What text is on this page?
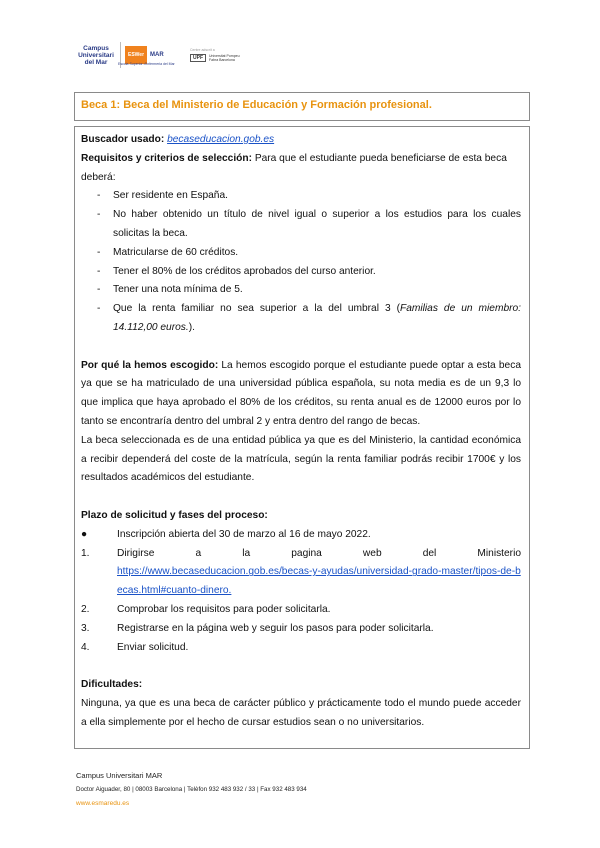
Campus Universitari del Mar
ESWer MAR
Escola Superior d'Infermeria del Mar
Centre adscrit a
UPF	Universitat Pompeu Fabra Barcelona
Beca 1: Beca del Ministerio de Educación y Formación profesional.

Buscador usado: becaseducacion.gob.es

Requisitos y criterios de selección: Para que el estudiante pueda beneficiarse de esta beca deberá:

- Ser residente en España.
- No haber obtenido un título de nivel igual o superior a los estudios para los cuales solicitas la beca.
- Matricularse de 60 créditos.
- Tener el 80% de los créditos aprobados del curso anterior.
- Tener una nota mínima de 5.
- Que la renta familiar no sea superior a la del umbral 3 (Familias de un miembro: 14.112,00 euros.).

Por qué la hemos escogido: La hemos escogido porque el estudiante puede optar a esta beca ya que se ha matriculado de una universidad pública española, su nota media es de un 9,3 lo que implica que haya aprobado el 80% de los créditos, su renta anual es de 12000 euros por lo tanto se encontraría dentro del umbral 2 y entra dentro del rango de becas.

La beca seleccionada es de una entidad pública ya que es del Ministerio, la cantidad económica a recibir dependerá del coste de la matrícula, según la renta familiar podrás recibir 1700€ y los resultados académicos del estudiante.

Plazo de solicitud y fases del proceso:

●	Inscripción abierta del 30 de marzo al 16 de mayo 2022.
1.	Dirigirse a la pagina web del Ministerio
https://www.becaseducacion.gob.es/becas-y-ayudas/universidad-grado-master/tipos-de-becas.html#cuanto-dinero.
2.	Comprobar los requisitos para poder solicitarla.
3.	Registrarse en la página web y seguir los pasos para poder solicitarla.
4.	Enviar solicitud.

Dificultades:

Ninguna, ya que es una beca de carácter público y prácticamente todo el mundo puede acceder a ella simplemente por el hecho de cursar estudios sean o no universitarios.

Campus Universitari MAR
Doctor Aiguader, 80 | 08003 Barcelona | Telèfon 932 483 932 / 33 | Fax 932 483 934
www.esmaredu.es
